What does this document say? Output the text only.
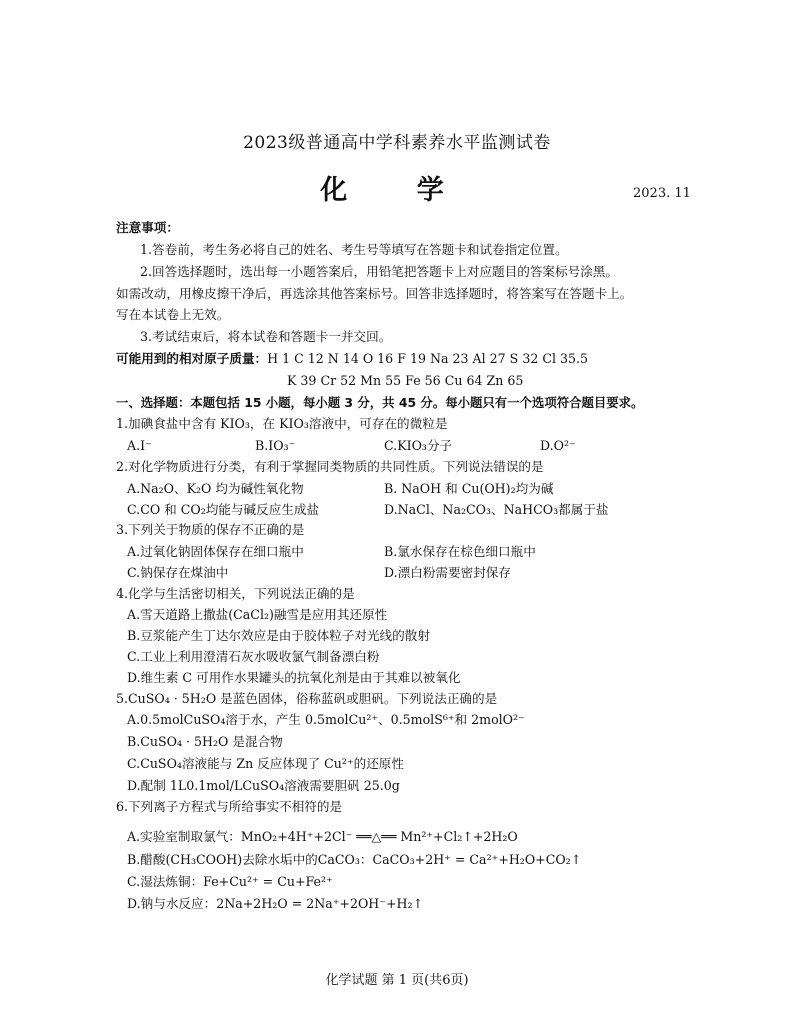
2023级普通高中学科素养水平监测试卷
化 学	2023. 11
注意事项：
1.答卷前，考生务必将自己的姓名、考生号等填写在答题卡和试卷指定位置。
2.回答选择题时，选出每一小题答案后，用铅笔把答题卡上对应题目的答案标号涂黑。
如需改动，用橡皮擦干净后，再选涂其他答案标号。回答非选择题时，将答案写在答题卡上。
写在本试卷上无效。
3.考试结束后，将本试卷和答题卡一并交回。
可能用到的相对原子质量：H 1 C 12 N 14 O 16 F 19 Na 23 Al 27 S 32 Cl 35.5
K 39 Cr 52 Mn 55 Fe 56 Cu 64 Zn 65
一、选择题：本题包括 15 小题，每小题 3 分，共 45 分。每小题只有一个选项符合题目要求。
1.加碘食盐中含有 KIO₃，在 KIO₃溶液中，可存在的微粒是
A.I⁻	B.IO₃⁻	C.KIO₃分子	D.O²⁻
2.对化学物质进行分类，有利于掌握同类物质的共同性质。下列说法错误的是
A.Na₂O、K₂O 均为碱性氧化物	B. NaOH 和 Cu(OH)₂均为碱
C.CO 和 CO₂均能与碱反应生成盐	D.NaCl、Na₂CO₃、NaHCO₃都属于盐
3.下列关于物质的保存不正确的是
A.过氧化钠固体保存在细口瓶中	B.氯水保存在棕色细口瓶中
C.钠保存在煤油中	D.漂白粉需要密封保存
4.化学与生活密切相关，下列说法正确的是
A.雪天道路上撒盐(CaCl₂)融雪是应用其还原性
B.豆浆能产生丁达尔效应是由于胶体粒子对光线的散射
C.工业上利用澄清石灰水吸收氯气制备漂白粉
D.维生素 C 可用作水果罐头的抗氧化剂是由于其难以被氧化
5.CuSO₄ · 5H₂O 是蓝色固体，俗称蓝矾或胆矾。下列说法正确的是
A.0.5molCuSO₄溶于水，产生 0.5molCu²⁺、0.5molS⁶⁺和 2molO²⁻
B.CuSO₄ · 5H₂O 是混合物
C.CuSO₄溶液能与 Zn 反应体现了 Cu²⁺的还原性
D.配制 1L0.1mol/LCuSO₄溶液需要胆矾 25.0g
6.下列离子方程式与所给事实不相符的是
A.实验室制取氯气：MnO₂+4H⁺+2Cl⁻ ══△══ Mn²⁺+Cl₂↑+2H₂O
B.醋酸(CH₃COOH)去除水垢中的CaCO₃：CaCO₃+2H⁺ = Ca²⁺+H₂O+CO₂↑
C.湿法炼铜：Fe+Cu²⁺ = Cu+Fe²⁺
D.钠与水反应：2Na+2H₂O = 2Na⁺+2OH⁻+H₂↑
化学试题 第 1 页(共6页)
